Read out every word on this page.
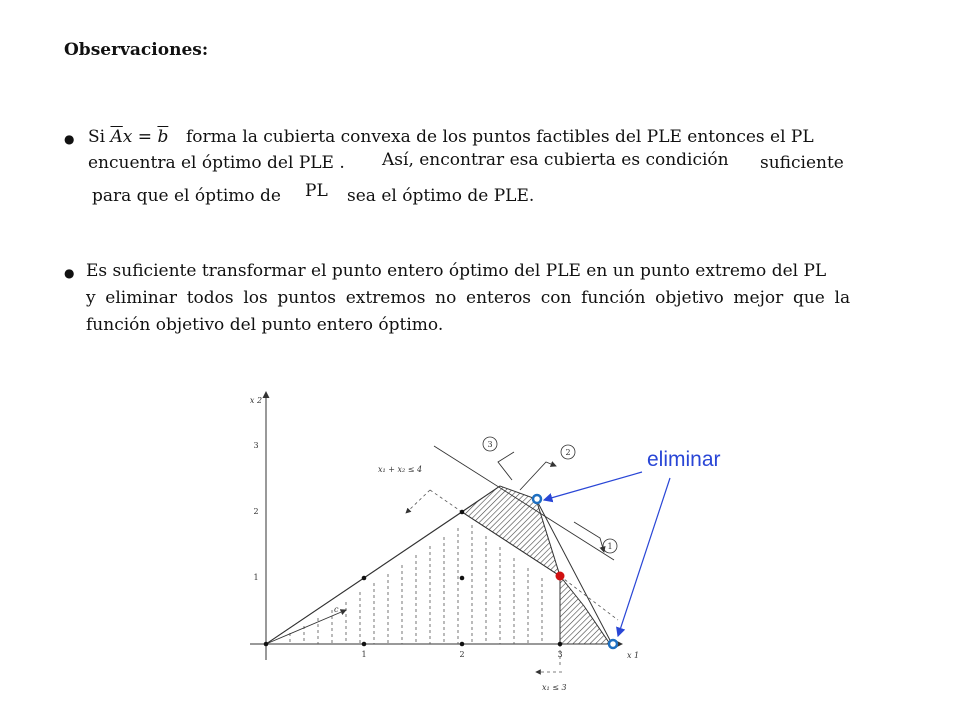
Observaciones:
● Si $\overline{A}x = \overline{b}$ forma la cubierta convexa de los puntos factibles del PLE entonces el PL
encuentra el óptimo del PLE . Así, encontrar esa cubierta es condición suficiente
para que el óptimo de PL sea el óptimo de PLE.
● Es suficiente transformar el punto entero óptimo del PLE en un punto extremo del PL
y eliminar todos los puntos extremos no enteros con función objetivo mejor que la
función objetivo del punto entero óptimo.
3
2
1
1	2	3
1
2
3
x 2
x 1
x₁ + x₂ ≤ 4
x₁ ≤ 3
c
eliminar
